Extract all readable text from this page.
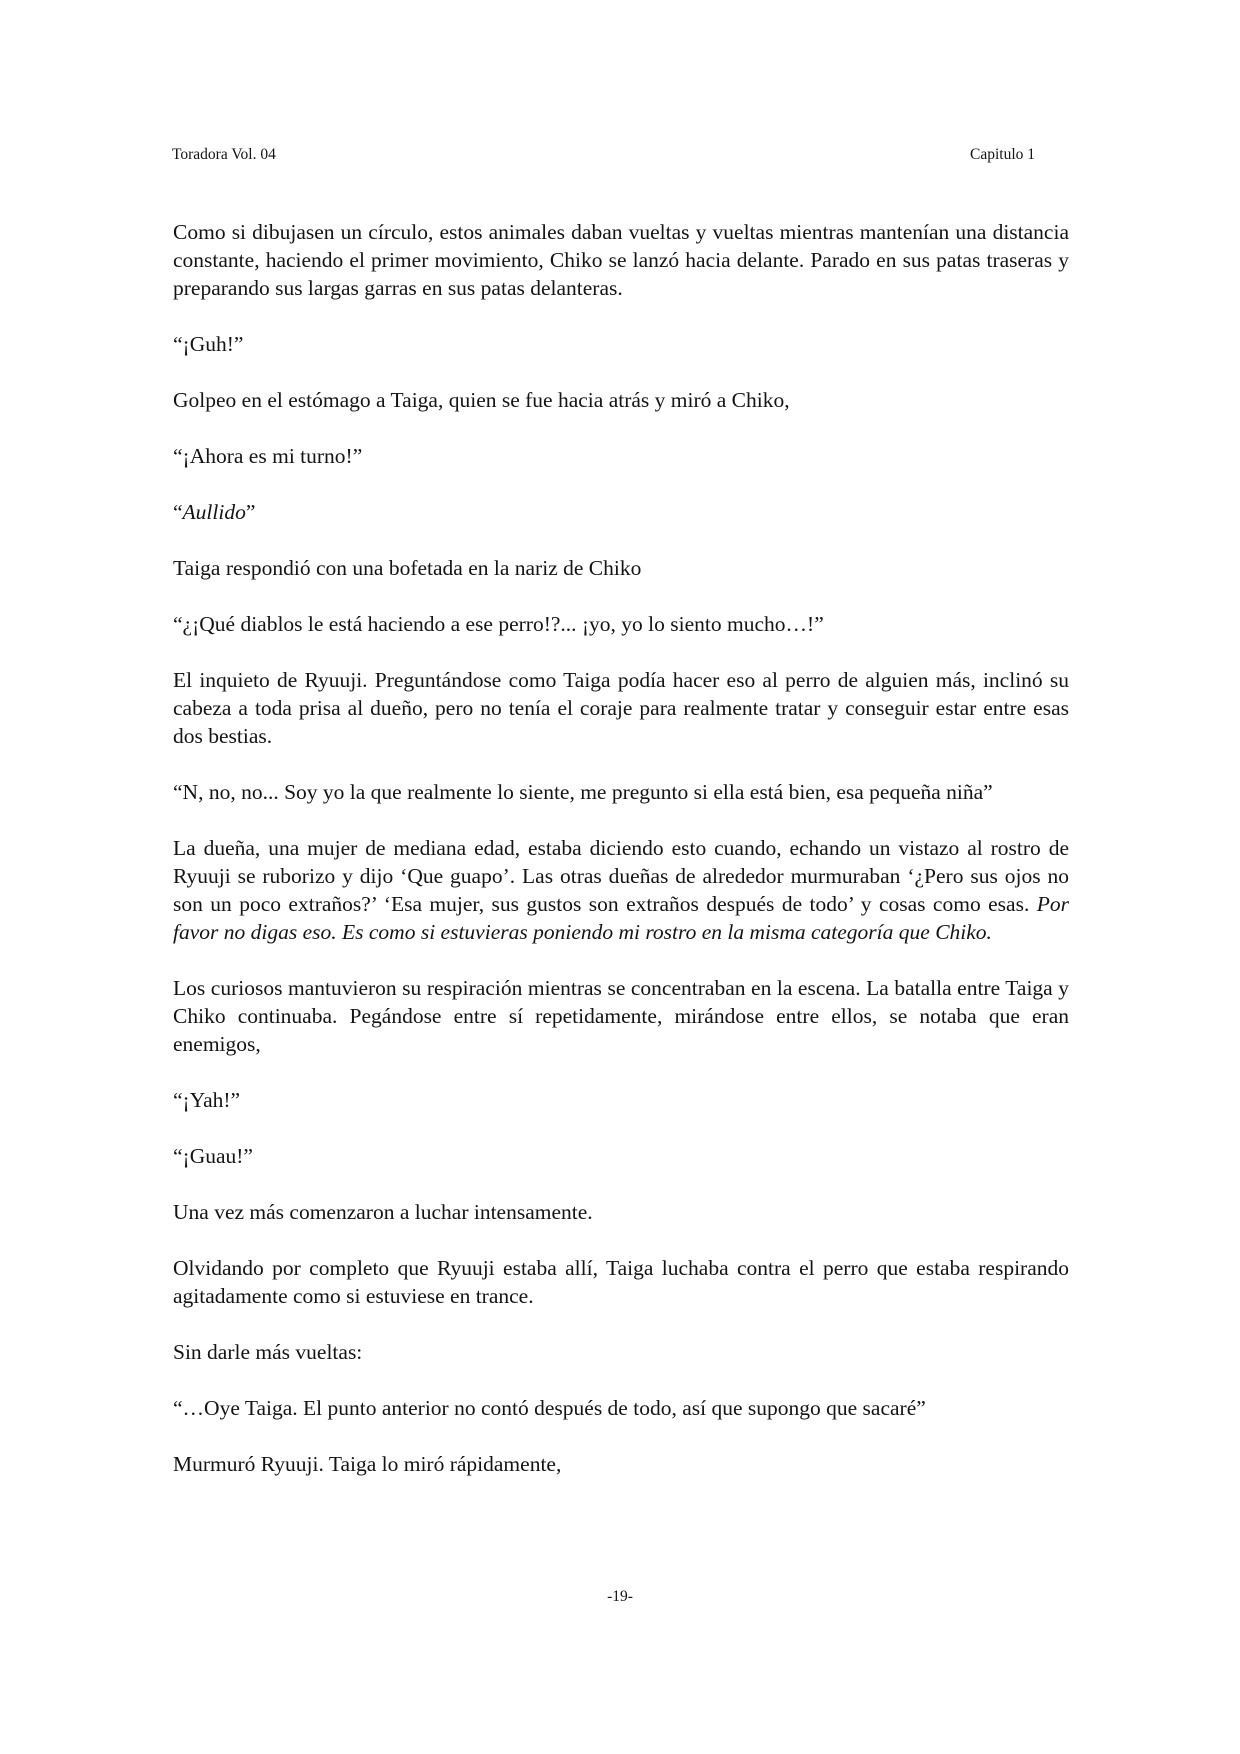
Toradora Vol. 04	Capitulo 1

Como si dibujasen un círculo, estos animales daban vueltas y vueltas mientras mantenían una distancia constante, haciendo el primer movimiento, Chiko se lanzó hacia delante. Parado en sus patas traseras y preparando sus largas garras en sus patas delanteras.

“¡Guh!”

Golpeo en el estómago a Taiga, quien se fue hacia atrás y miró a Chiko,

“¡Ahora es mi turno!”

“Aullido”

Taiga respondió con una bofetada en la nariz de Chiko

“¿¡Qué diablos le está haciendo a ese perro!?... ¡yo, yo lo siento mucho…!”

El inquieto de Ryuuji. Preguntándose como Taiga podía hacer eso al perro de alguien más, inclinó su cabeza a toda prisa al dueño, pero no tenía el coraje para realmente tratar y conseguir estar entre esas dos bestias.

“N, no, no... Soy yo la que realmente lo siente, me pregunto si ella está bien, esa pequeña niña”

La dueña, una mujer de mediana edad, estaba diciendo esto cuando, echando un vistazo al rostro de Ryuuji se ruborizo y dijo ‘Que guapo’. Las otras dueñas de alrededor murmuraban ‘¿Pero sus ojos no son un poco extraños?’ ‘Esa mujer, sus gustos son extraños después de todo’ y cosas como esas. Por favor no digas eso. Es como si estuvieras poniendo mi rostro en la misma categoría que Chiko.

Los curiosos mantuvieron su respiración mientras se concentraban en la escena. La batalla entre Taiga y Chiko continuaba. Pegándose entre sí repetidamente, mirándose entre ellos, se notaba que eran enemigos,

“¡Yah!”

“¡Guau!”

Una vez más comenzaron a luchar intensamente.

Olvidando por completo que Ryuuji estaba allí, Taiga luchaba contra el perro que estaba respirando agitadamente como si estuviese en trance.

Sin darle más vueltas:

“…Oye Taiga. El punto anterior no contó después de todo, así que supongo que sacaré”

Murmuró Ryuuji. Taiga lo miró rápidamente,

-19-
